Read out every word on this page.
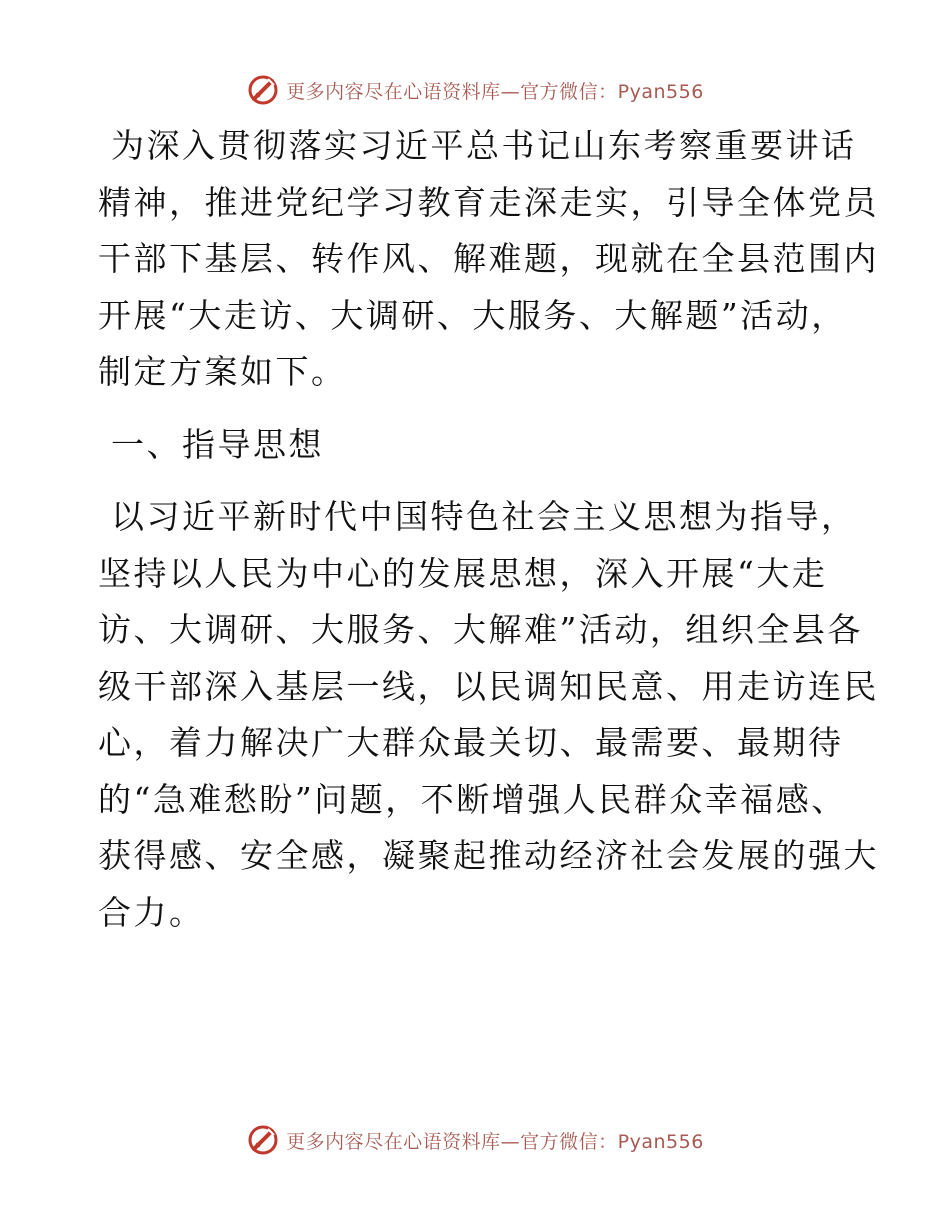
更多内容尽在心语资料库—官方微信：Pyan556

为深入贯彻落实习近平总书记山东考察重要讲话

精神，推进党纪学习教育走深走实，引导全体党员

干部下基层、转作风、解难题，现就在全县范围内

开展“大走访、大调研、大服务、大解题”活动，

制定方案如下。

一、指导思想

以习近平新时代中国特色社会主义思想为指导，

坚持以人民为中心的发展思想，深入开展“大走

访、大调研、大服务、大解难”活动，组织全县各

级干部深入基层一线，以民调知民意、用走访连民

心，着力解决广大群众最关切、最需要、最期待

的“急难愁盼”问题，不断增强人民群众幸福感、

获得感、安全感，凝聚起推动经济社会发展的强大

合力。

更多内容尽在心语资料库—官方微信：Pyan556
